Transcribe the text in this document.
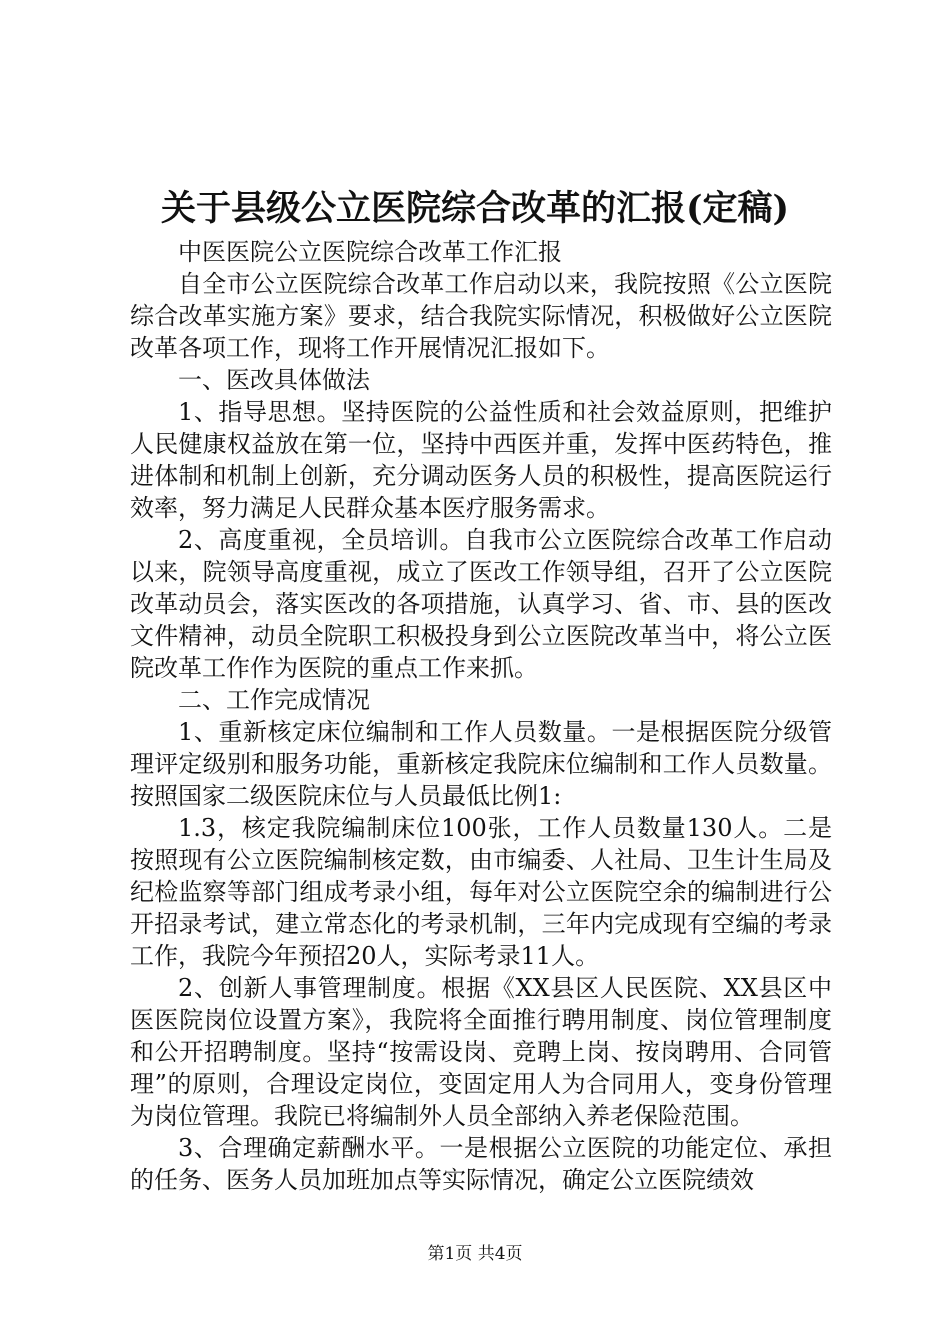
关于县级公立医院综合改革的汇报(定稿)

中医医院公立医院综合改革工作汇报

自全市公立医院综合改革工作启动以来，我院按照《公立医院综合改革实施方案》要求，结合我院实际情况，积极做好公立医院改革各项工作，现将工作开展情况汇报如下。

一、医改具体做法

1、指导思想。坚持医院的公益性质和社会效益原则，把维护人民健康权益放在第一位，坚持中西医并重，发挥中医药特色，推进体制和机制上创新，充分调动医务人员的积极性，提高医院运行效率，努力满足人民群众基本医疗服务需求。

2、高度重视，全员培训。自我市公立医院综合改革工作启动以来，院领导高度重视，成立了医改工作领导组，召开了公立医院改革动员会，落实医改的各项措施，认真学习、省、市、县的医改文件精神，动员全院职工积极投身到公立医院改革当中，将公立医院改革工作作为医院的重点工作来抓。

二、工作完成情况

1、重新核定床位编制和工作人员数量。一是根据医院分级管理评定级别和服务功能，重新核定我院床位编制和工作人员数量。按照国家二级医院床位与人员最低比例1:

1.3，核定我院编制床位100张，工作人员数量130人。二是按照现有公立医院编制核定数，由市编委、人社局、卫生计生局及纪检监察等部门组成考录小组，每年对公立医院空余的编制进行公开招录考试，建立常态化的考录机制，三年内完成现有空编的考录工作，我院今年预招20人，实际考录11人。

2、创新人事管理制度。根据《XX县区人民医院、XX县区中医医院岗位设置方案》，我院将全面推行聘用制度、岗位管理制度和公开招聘制度。坚持“按需设岗、竞聘上岗、按岗聘用、合同管理”的原则，合理设定岗位，变固定用人为合同用人，变身份管理为岗位管理。我院已将编制外人员全部纳入养老保险范围。

3、合理确定薪酬水平。一是根据公立医院的功能定位、承担的任务、医务人员加班加点等实际情况，确定公立医院绩效

第1页 共4页
